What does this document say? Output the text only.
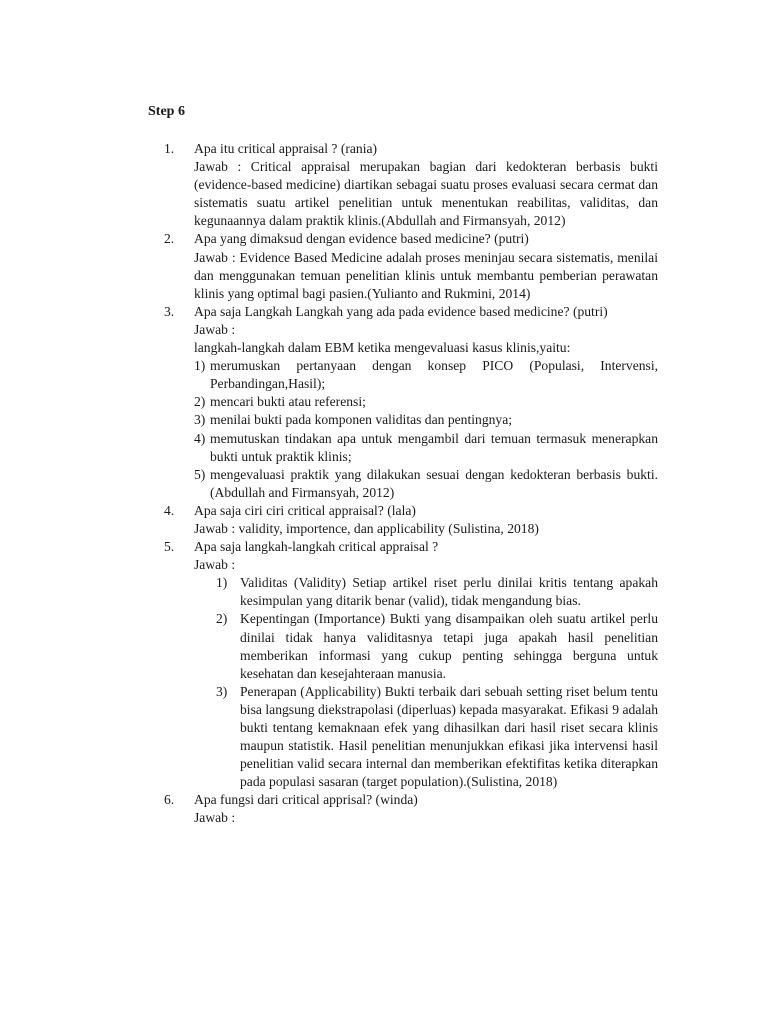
Step 6
1. Apa itu critical appraisal ? (rania)
Jawab : Critical appraisal merupakan bagian dari kedokteran berbasis bukti (evidence-based medicine) diartikan sebagai suatu proses evaluasi secara cermat dan sistematis suatu artikel penelitian untuk menentukan reabilitas, validitas, dan kegunaannya dalam praktik klinis.(Abdullah and Firmansyah, 2012)
2. Apa yang dimaksud dengan evidence based medicine? (putri)
Jawab : Evidence Based Medicine adalah proses meninjau secara sistematis, menilai dan menggunakan temuan penelitian klinis untuk membantu pemberian perawatan klinis yang optimal bagi pasien.(Yulianto and Rukmini, 2014)
3. Apa saja Langkah Langkah yang ada pada evidence based medicine? (putri)
Jawab :
langkah-langkah dalam EBM ketika mengevaluasi kasus klinis,yaitu:
1) merumuskan pertanyaan dengan konsep PICO (Populasi, Intervensi, Perbandingan,Hasil);
2) mencari bukti atau referensi;
3) menilai bukti pada komponen validitas dan pentingnya;
4) memutuskan tindakan apa untuk mengambil dari temuan termasuk menerapkan bukti untuk praktik klinis;
5) mengevaluasi praktik yang dilakukan sesuai dengan kedokteran berbasis bukti.(Abdullah and Firmansyah, 2012)
4. Apa saja ciri ciri critical appraisal? (lala)
Jawab : validity, importence, dan applicability (Sulistina, 2018)
5. Apa saja langkah-langkah critical appraisal ?
Jawab :
1) Validitas (Validity) Setiap artikel riset perlu dinilai kritis tentang apakah kesimpulan yang ditarik benar (valid), tidak mengandung bias.
2) Kepentingan (Importance) Bukti yang disampaikan oleh suatu artikel perlu dinilai tidak hanya validitasnya tetapi juga apakah hasil penelitian memberikan informasi yang cukup penting sehingga berguna untuk kesehatan dan kesejahteraan manusia.
3) Penerapan (Applicability) Bukti terbaik dari sebuah setting riset belum tentu bisa langsung diekstrapolasi (diperluas) kepada masyarakat. Efikasi 9 adalah bukti tentang kemaknaan efek yang dihasilkan dari hasil riset secara klinis maupun statistik. Hasil penelitian menunjukkan efikasi jika intervensi hasil penelitian valid secara internal dan memberikan efektifitas ketika diterapkan pada populasi sasaran (target population).(Sulistina, 2018)
6. Apa fungsi dari critical apprisal? (winda)
Jawab :
